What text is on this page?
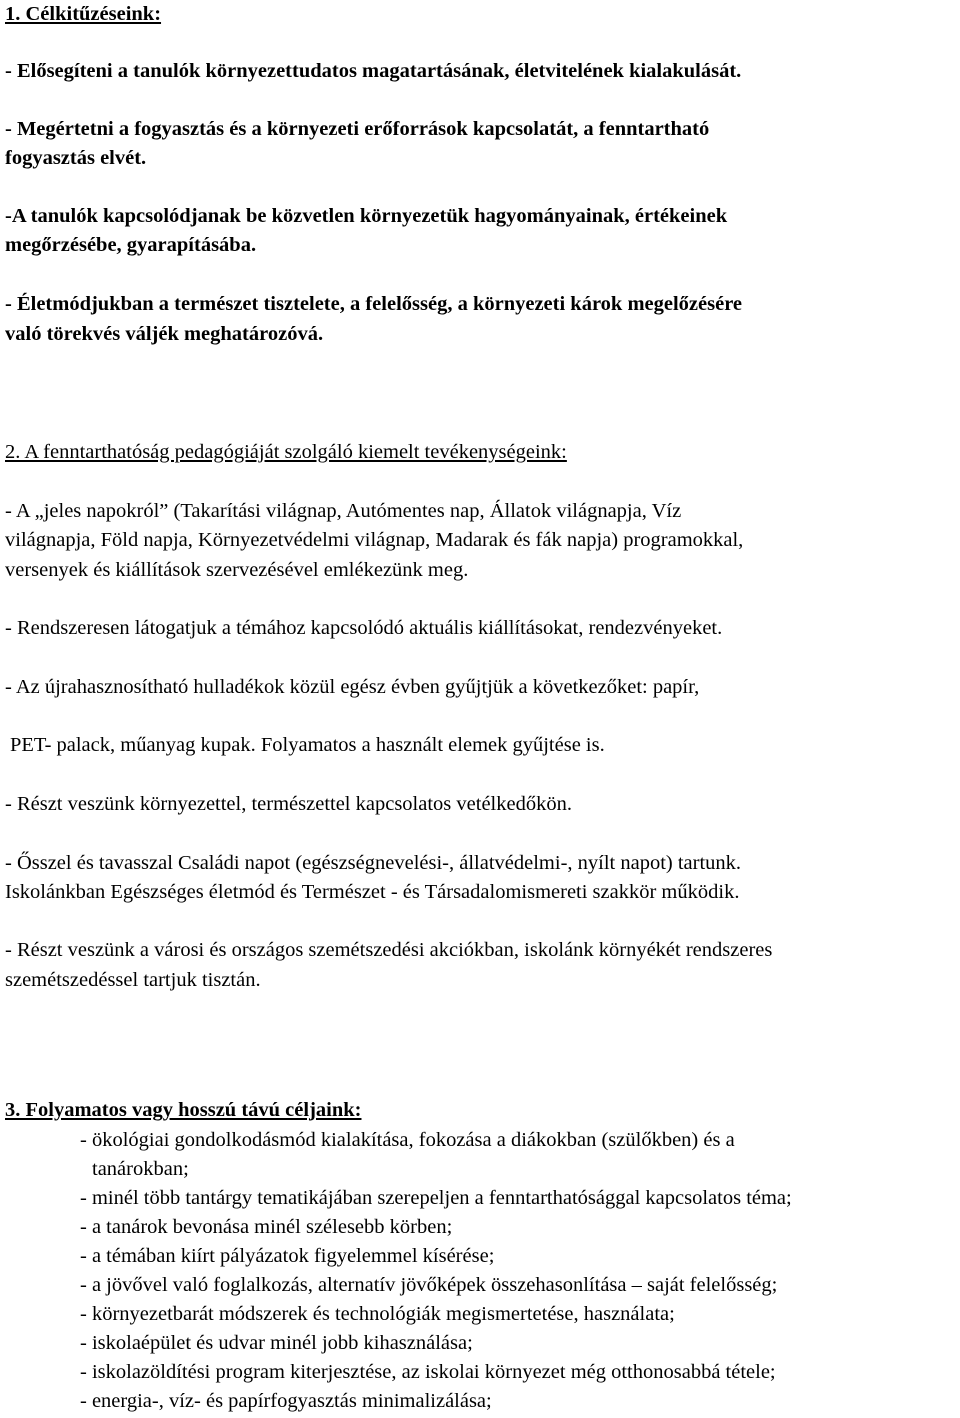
1. Célkitűzéseink:
- Elősegíteni a tanulók környezettudatos magatartásának, életvitelének kialakulását.
- Megértetni a fogyasztás és a környezeti erőforrások kapcsolatát, a fenntartható
fogyasztás elvét.
-A tanulók kapcsolódjanak be közvetlen környezetük hagyományainak, értékeinek
megőrzésébe, gyarapításába.
- Életmódjukban a természet tisztelete, a felelősség, a környezeti károk megelőzésére
való törekvés váljék meghatározóvá.
2. A fenntarthatóság pedagógiáját szolgáló kiemelt tevékenységeink:
- A „jeles napokról” (Takarítási világnap, Autómentes nap, Állatok világnapja, Víz
világnapja, Föld napja, Környezetvédelmi világnap, Madarak és fák napja) programokkal,
versenyek és kiállítások szervezésével emlékezünk meg.
- Rendszeresen látogatjuk a témához kapcsolódó aktuális kiállításokat, rendezvényeket.
- Az újrahasznosítható hulladékok közül egész évben gyűjtjük a következőket: papír,
PET- palack, műanyag kupak. Folyamatos a használt elemek gyűjtése is.
- Részt veszünk környezettel, természettel kapcsolatos vetélkedőkön.
- Ősszel és tavasszal Családi napot (egészségnevelési-, állatvédelmi-, nyílt napot) tartunk.
Iskolánkban Egészséges életmód és Természet - és Társadalomismereti szakkör működik.
- Részt veszünk a városi és országos szemétszedési akciókban, iskolánk környékét rendszeres
szemétszedéssel tartjuk tisztán.
3. Folyamatos vagy hosszú távú céljaink:
- ökológiai gondolkodásmód kialakítása, fokozása a diákokban (szülőkben) és a
tanárokban;
- minél több tantárgy tematikájában szerepeljen a fenntarthatósággal kapcsolatos téma;
- a tanárok bevonása minél szélesebb körben;
- a témában kiírt pályázatok figyelemmel kísérése;
- a jövővel való foglalkozás, alternatív jövőképek összehasonlítása – saját felelősség;
- környezetbarát módszerek és technológiák megismertetése, használata;
- iskolaépület és udvar minél jobb kihasználása;
- iskolazöldítési program kiterjesztése, az iskolai környezet még otthonosabbá tétele;
- energia-, víz- és papírfogyasztás minimalizálása;
